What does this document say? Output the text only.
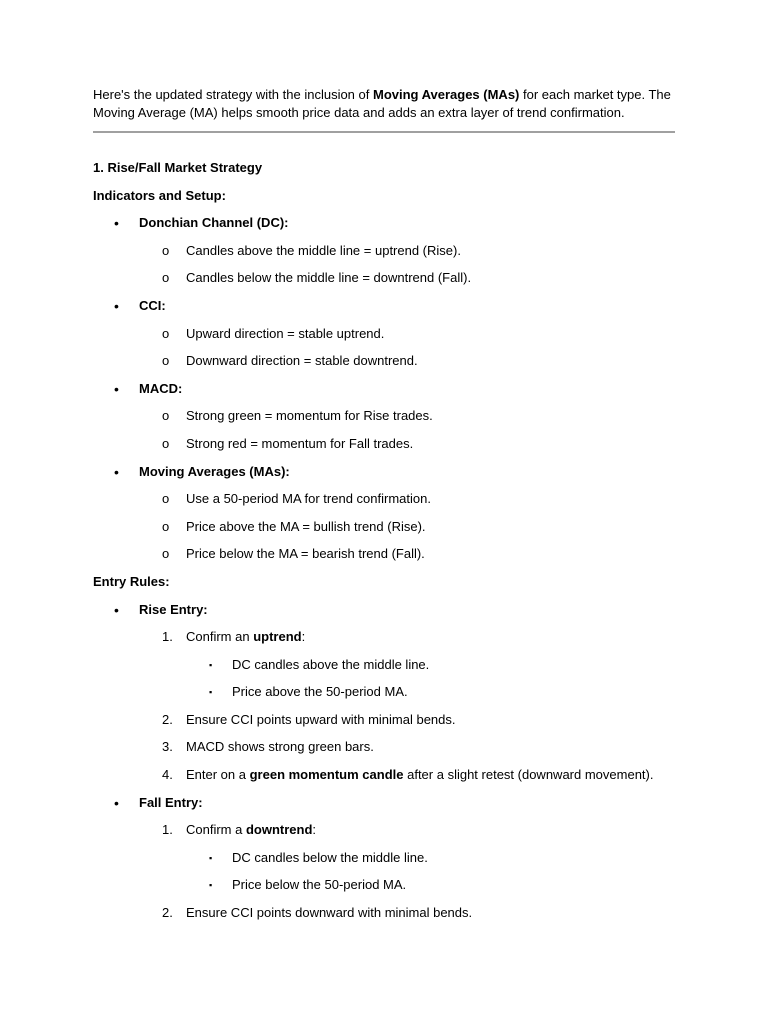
Here's the updated strategy with the inclusion of Moving Averages (MAs) for each market type. The
Moving Average (MA) helps smooth price data and adds an extra layer of trend confirmation.

1. Rise/Fall Market Strategy
Indicators and Setup:
• Donchian Channel (DC):
o Candles above the middle line = uptrend (Rise).
o Candles below the middle line = downtrend (Fall).
• CCI:
o Upward direction = stable uptrend.
o Downward direction = stable downtrend.
• MACD:
o Strong green = momentum for Rise trades.
o Strong red = momentum for Fall trades.
• Moving Averages (MAs):
o Use a 50-period MA for trend confirmation.
o Price above the MA = bullish trend (Rise).
o Price below the MA = bearish trend (Fall).
Entry Rules:
• Rise Entry:
1. Confirm an uptrend:
▪ DC candles above the middle line.
▪ Price above the 50-period MA.
2. Ensure CCI points upward with minimal bends.
3. MACD shows strong green bars.
4. Enter on a green momentum candle after a slight retest (downward movement).
• Fall Entry:
1. Confirm a downtrend:
▪ DC candles below the middle line.
▪ Price below the 50-period MA.
2. Ensure CCI points downward with minimal bends.
